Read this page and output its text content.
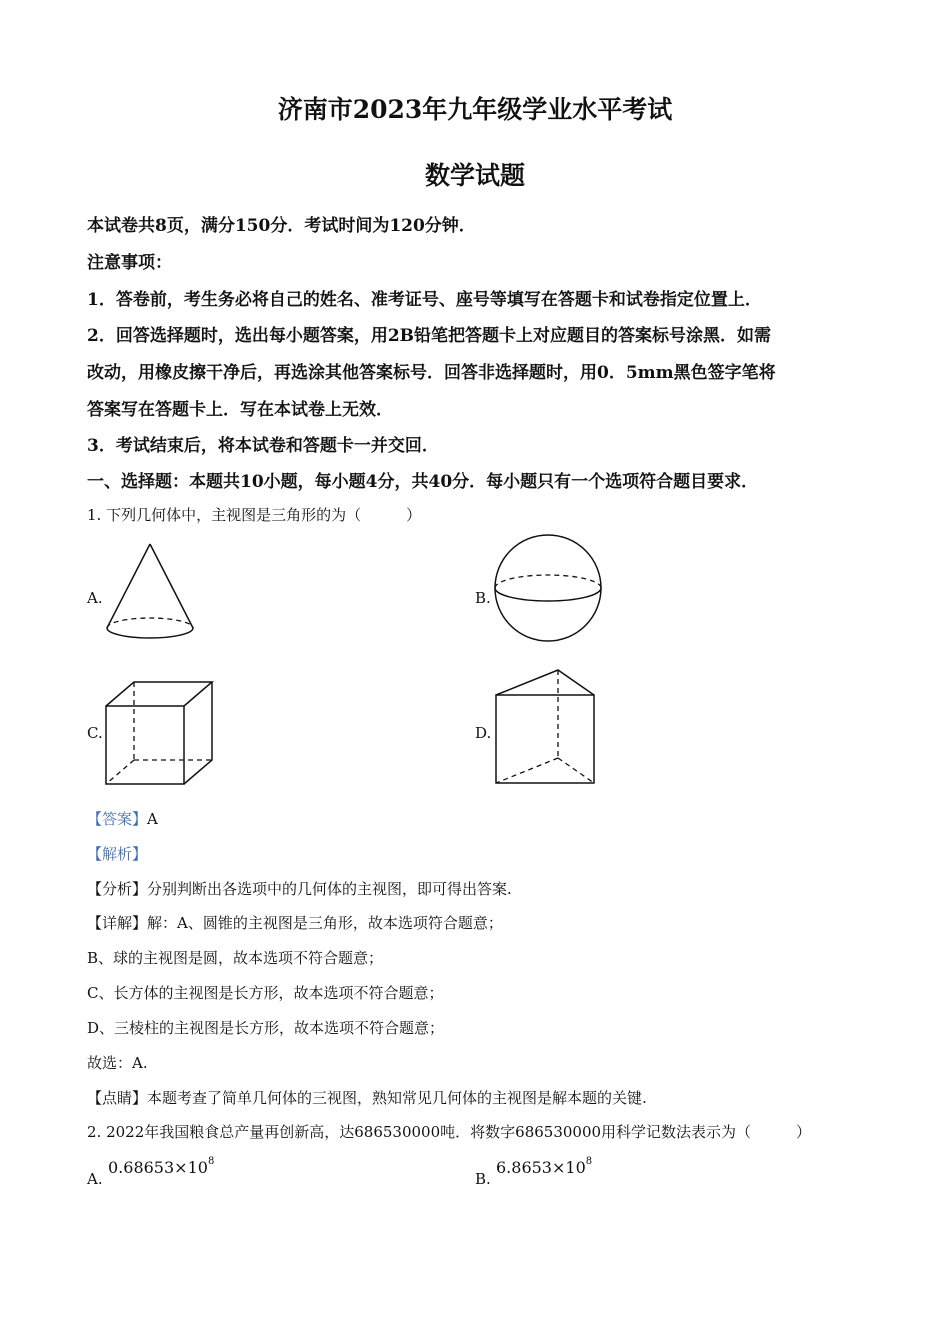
济南市2023年九年级学业水平考试
数学试题
本试卷共8页，满分150分．考试时间为120分钟．
注意事项：
1．答卷前，考生务必将自己的姓名、准考证号、座号等填写在答题卡和试卷指定位置上．
2．回答选择题时，选出每小题答案，用2B铅笔把答题卡上对应题目的答案标号涂黑．如需
改动，用橡皮擦干净后，再选涂其他答案标号．回答非选择题时，用0．5mm黑色签字笔将
答案写在答题卡上．写在本试卷上无效．
3．考试结束后，将本试卷和答题卡一并交回．
一、选择题：本题共10小题，每小题4分，共40分．每小题只有一个选项符合题目要求．
1. 下列几何体中，主视图是三角形的为（　　　）
A.	B.
C.	D.
【答案】A
【解析】
【分析】分别判断出各选项中的几何体的主视图，即可得出答案.
【详解】解：A、圆锥的主视图是三角形，故本选项符合题意；
B、球的主视图是圆，故本选项不符合题意；
C、长方体的主视图是长方形，故本选项不符合题意；
D、三棱柱的主视图是长方形，故本选项不符合题意；
故选：A.
【点睛】本题考查了简单几何体的三视图，熟知常见几何体的主视图是解本题的关键.
2. 2022年我国粮食总产量再创新高，达686530000吨．将数字686530000用科学记数法表示为（　　　）
A.
$0.68653\times 10^8$
B.
$6.8653\times 10^8$
